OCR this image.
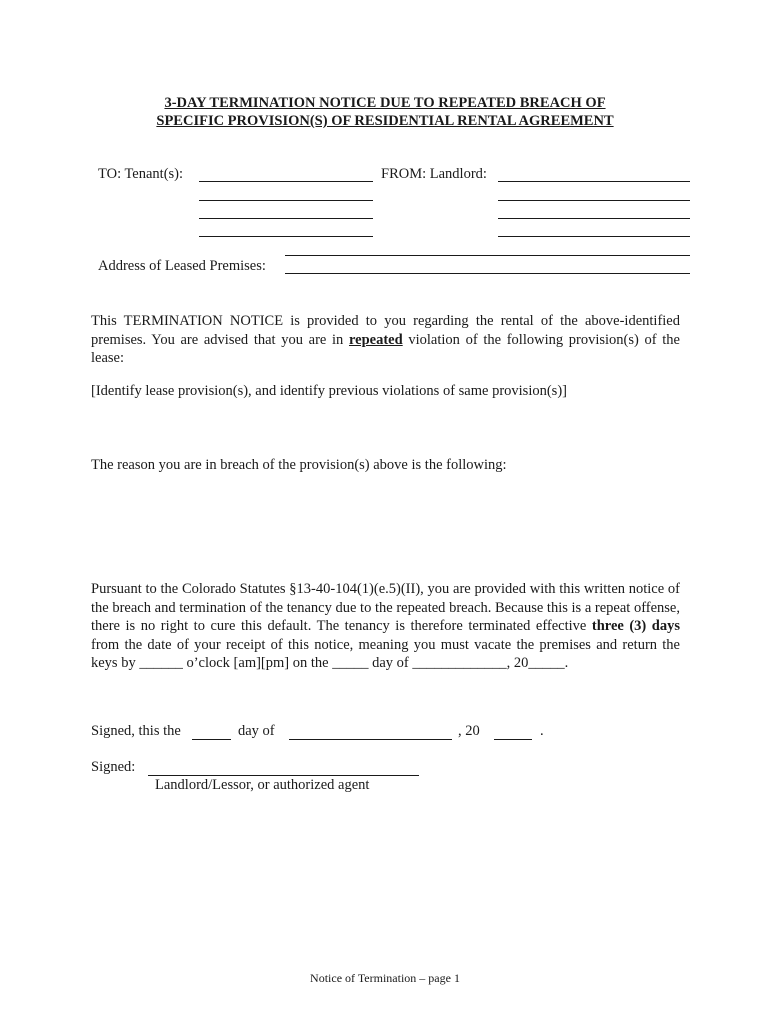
3-DAY TERMINATION NOTICE DUE TO REPEATED BREACH OF
SPECIFIC PROVISION(S) OF RESIDENTIAL RENTAL AGREEMENT
TO: Tenant(s):	FROM: Landlord:
Address of Leased Premises:
This TERMINATION NOTICE is provided to you regarding the rental of the above-identified premises. You are advised that you are in repeated violation of the following provision(s) of the lease:
[Identify lease provision(s), and identify previous violations of same provision(s)]
The reason you are in breach of the provision(s) above is the following:
Pursuant to the Colorado Statutes §13-40-104(1)(e.5)(II), you are provided with this written notice of the breach and termination of the tenancy due to the repeated breach. Because this is a repeat offense, there is no right to cure this default. The tenancy is therefore terminated effective three (3) days from the date of your receipt of this notice, meaning you must vacate the premises and return the keys by ______ o’clock [am][pm] on the _____ day of _____________, 20_____.
Signed, this the	day of	, 20	.
Signed:
Landlord/Lessor, or authorized agent
Notice of Termination – page 1
